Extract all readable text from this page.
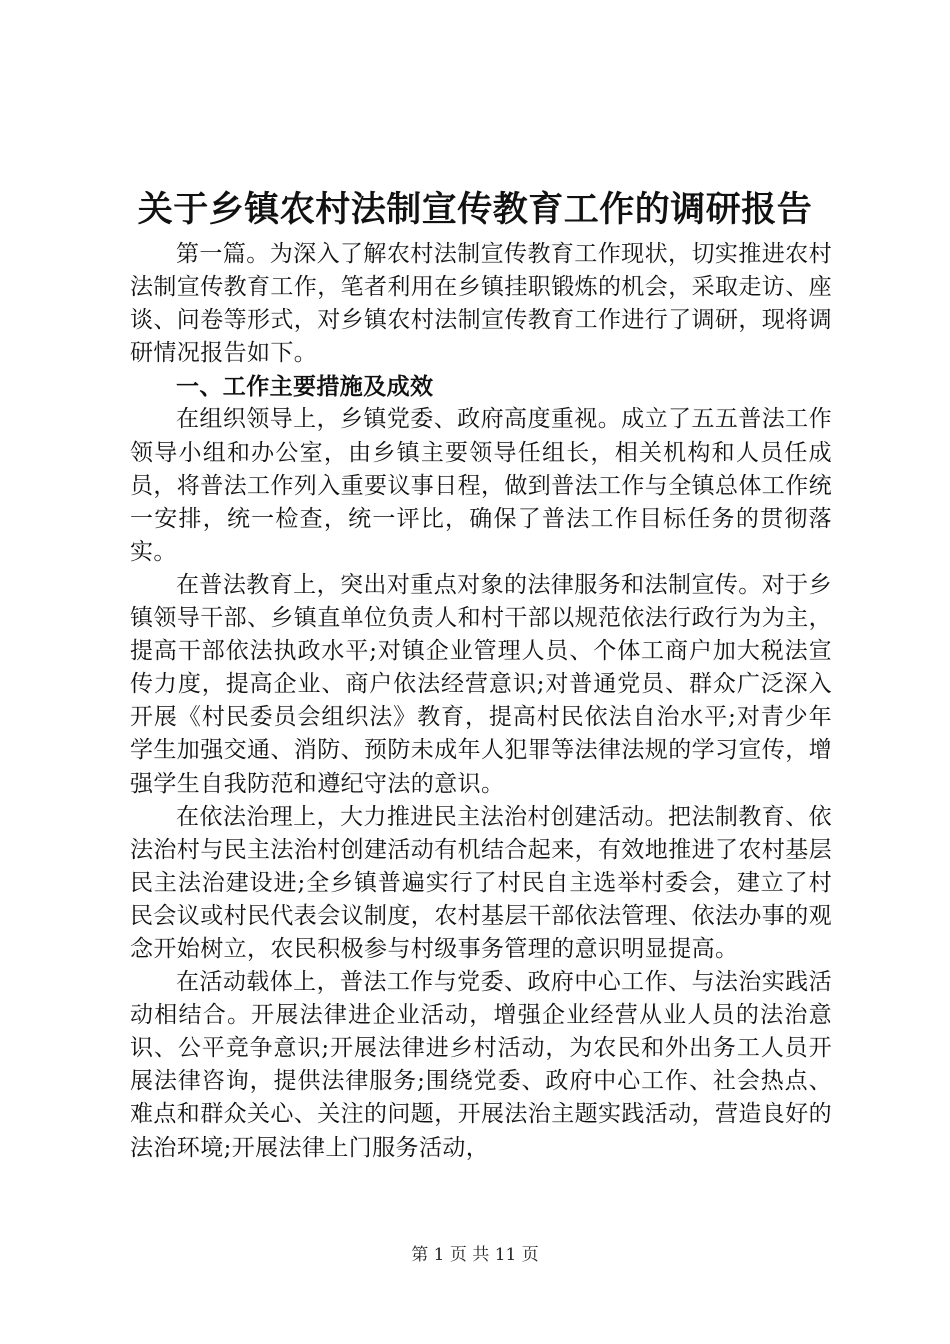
关于乡镇农村法制宣传教育工作的调研报告

第一篇。为深入了解农村法制宣传教育工作现状，切实推进农村法制宣传教育工作，笔者利用在乡镇挂职锻炼的机会，采取走访、座谈、问卷等形式，对乡镇农村法制宣传教育工作进行了调研，现将调研情况报告如下。

一、工作主要措施及成效

在组织领导上，乡镇党委、政府高度重视。成立了五五普法工作领导小组和办公室，由乡镇主要领导任组长，相关机构和人员任成员，将普法工作列入重要议事日程，做到普法工作与全镇总体工作统一安排，统一检查，统一评比，确保了普法工作目标任务的贯彻落实。

在普法教育上，突出对重点对象的法律服务和法制宣传。对于乡镇领导干部、乡镇直单位负责人和村干部以规范依法行政行为为主，提高干部依法执政水平;对镇企业管理人员、个体工商户加大税法宣传力度，提高企业、商户依法经营意识;对普通党员、群众广泛深入开展《村民委员会组织法》教育，提高村民依法自治水平;对青少年学生加强交通、消防、预防未成年人犯罪等法律法规的学习宣传，增强学生自我防范和遵纪守法的意识。

在依法治理上，大力推进民主法治村创建活动。把法制教育、依法治村与民主法治村创建活动有机结合起来，有效地推进了农村基层民主法治建设进;全乡镇普遍实行了村民自主选举村委会，建立了村民会议或村民代表会议制度，农村基层干部依法管理、依法办事的观念开始树立，农民积极参与村级事务管理的意识明显提高。

在活动载体上，普法工作与党委、政府中心工作、与法治实践活动相结合。开展法律进企业活动，增强企业经营从业人员的法治意识、公平竞争意识;开展法律进乡村活动，为农民和外出务工人员开展法律咨询，提供法律服务;围绕党委、政府中心工作、社会热点、难点和群众关心、关注的问题，开展法治主题实践活动，营造良好的法治环境;开展法律上门服务活动，

第 1 页 共 11 页
